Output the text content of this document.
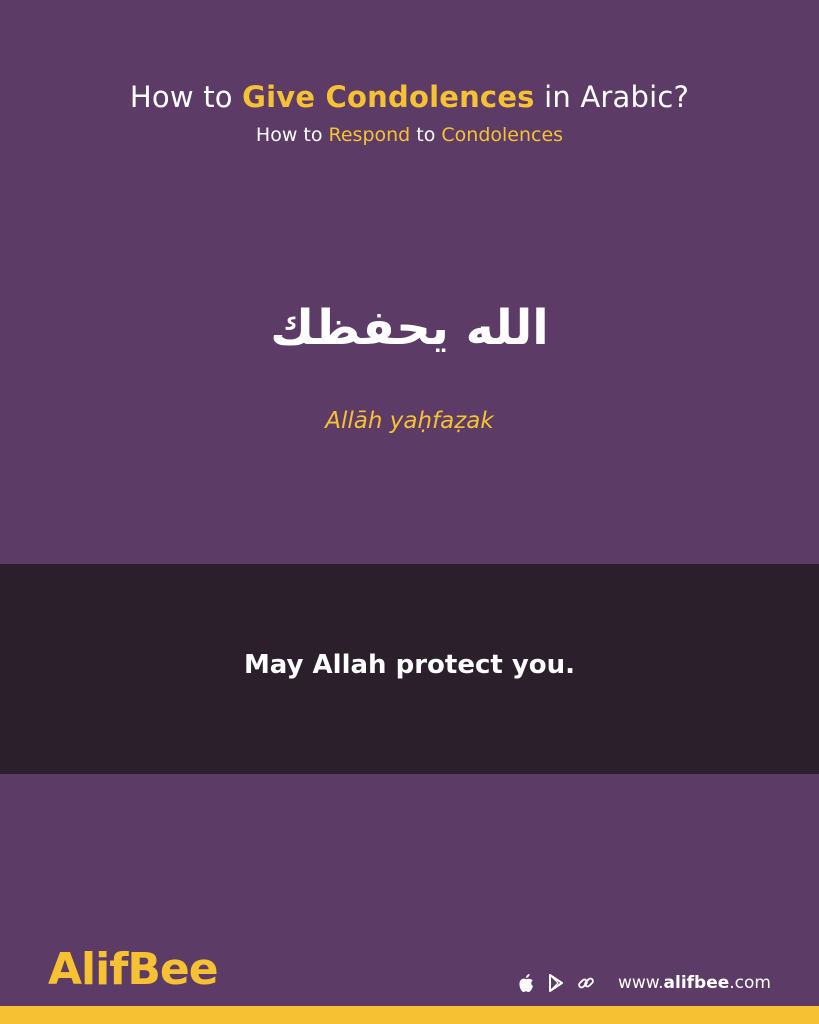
How to Give Condolences in Arabic?
How to Respond to Condolences
الله يحفظك
Allāh yaḥfaẓak
May Allah protect you.
AlifBee	www.alifbee.com
